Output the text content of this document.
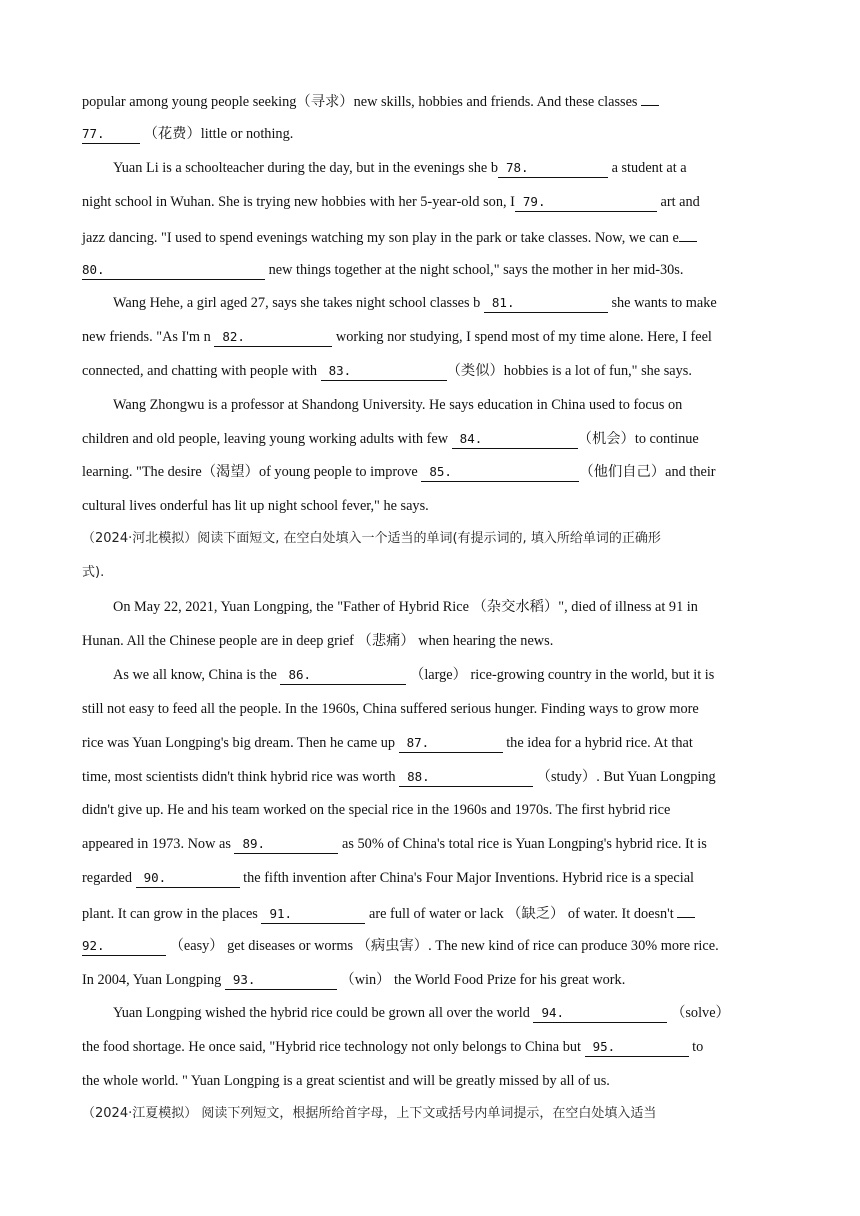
popular among young people seeking（寻求）new skills, hobbies and friends. And these classes
77.	（花费）little or nothing.
Yuan Li is a schoolteacher during the day, but in the evenings she b 78.	a student at a
night school in Wuhan. She is trying new hobbies with her 5-year-old son, I 79.	art and
jazz dancing. "I used to spend evenings watching my son play in the park or take classes. Now, we can e
80.	new things together at the night school," says the mother in her mid-30s.
Wang Hehe, a girl aged 27, says she takes night school classes b 81.	she wants to make
new friends. "As I'm n 82.	working nor studying, I spend most of my time alone. Here, I feel
connected, and chatting with people with 83.	（类似）hobbies is a lot of fun," she says.
Wang Zhongwu is a professor at Shandong University. He says education in China used to focus on
children and old people, leaving young working adults with few 84.	（机会）to continue
learning. "The desire（渴望）of young people to improve 85.	（他们自己）and their
cultural lives onderful has lit up night school fever," he says.
（2024·河北模拟）阅读下面短文, 在空白处填入一个适当的单词(有提示词的, 填入所给单词的正确形
式).
On May 22, 2021, Yuan Longping, the "Father of Hybrid Rice （杂交水稻）", died of illness at 91 in
Hunan. All the Chinese people are in deep grief （悲痛） when hearing the news.
As we all know, China is the 86.	（large） rice-growing country in the world, but it is
still not easy to feed all the people. In the 1960s, China suffered serious hunger. Finding ways to grow more
rice was Yuan Longping's big dream. Then he came up 87.	the idea for a hybrid rice. At that
time, most scientists didn't think hybrid rice was worth 88.	（study）. But Yuan Longping
didn't give up. He and his team worked on the special rice in the 1960s and 1970s. The first hybrid rice
appeared in 1973. Now as 89.	as 50% of China's total rice is Yuan Longping's hybrid rice. It is
regarded 90.	the fifth invention after China's Four Major Inventions. Hybrid rice is a special
plant. It can grow in the places 91.	are full of water or lack （缺乏） of water. It doesn't
92.	（easy） get diseases or worms （病虫害）. The new kind of rice can produce 30% more rice.
In 2004, Yuan Longping 93.	（win） the World Food Prize for his great work.
Yuan Longping wished the hybrid rice could be grown all over the world 94.	（solve）
the food shortage. He once said, "Hybrid rice technology not only belongs to China but 95.	to
the whole world. " Yuan Longping is a great scientist and will be greatly missed by all of us.
（2024·江夏模拟） 阅读下列短文，根据所给首字母，上下文或括号内单词提示，在空白处填入适当
